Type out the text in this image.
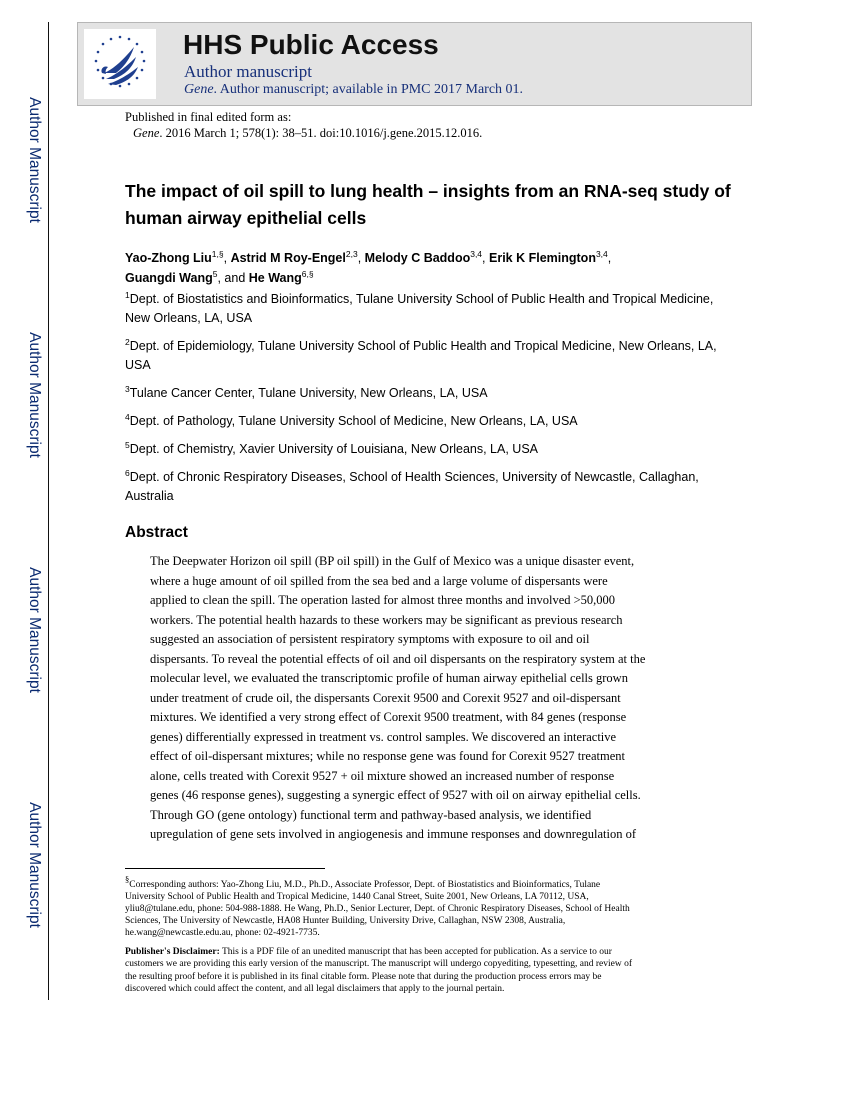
Author Manuscript
Author Manuscript
Author Manuscript
Author Manuscript
HHS Public Access
Author manuscript
Gene. Author manuscript; available in PMC 2017 March 01.
Published in final edited form as:
Gene. 2016 March 1; 578(1): 38–51. doi:10.1016/j.gene.2015.12.016.
The impact of oil spill to lung health – insights from an RNA-seq study of human airway epithelial cells
Yao-Zhong Liu$^{1,\S}$, Astrid M Roy-Engel$^{2,3}$, Melody C Baddoo$^{3,4}$, Erik K Flemington$^{3,4}$,
Guangdi Wang$^5$, and He Wang$^{6,\S}$
$^1$Dept. of Biostatistics and Bioinformatics, Tulane University School of Public Health and Tropical Medicine, New Orleans, LA, USA
$^2$Dept. of Epidemiology, Tulane University School of Public Health and Tropical Medicine, New Orleans, LA, USA
$^3$Tulane Cancer Center, Tulane University, New Orleans, LA, USA
$^4$Dept. of Pathology, Tulane University School of Medicine, New Orleans, LA, USA
$^5$Dept. of Chemistry, Xavier University of Louisiana, New Orleans, LA, USA
$^6$Dept. of Chronic Respiratory Diseases, School of Health Sciences, University of Newcastle, Callaghan, Australia
Abstract
The Deepwater Horizon oil spill (BP oil spill) in the Gulf of Mexico was a unique disaster event,
where a huge amount of oil spilled from the sea bed and a large volume of dispersants were
applied to clean the spill. The operation lasted for almost three months and involved >50,000
workers. The potential health hazards to these workers may be significant as previous research
suggested an association of persistent respiratory symptoms with exposure to oil and oil
dispersants. To reveal the potential effects of oil and oil dispersants on the respiratory system at the
molecular level, we evaluated the transcriptomic profile of human airway epithelial cells grown
under treatment of crude oil, the dispersants Corexit 9500 and Corexit 9527 and oil-dispersant
mixtures. We identified a very strong effect of Corexit 9500 treatment, with 84 genes (response
genes) differentially expressed in treatment vs. control samples. We discovered an interactive
effect of oil-dispersant mixtures; while no response gene was found for Corexit 9527 treatment
alone, cells treated with Corexit 9527 + oil mixture showed an increased number of response
genes (46 response genes), suggesting a synergic effect of 9527 with oil on airway epithelial cells.
Through GO (gene ontology) functional term and pathway-based analysis, we identified
upregulation of gene sets involved in angiogenesis and immune responses and downregulation of
§Corresponding authors: Yao-Zhong Liu, M.D., Ph.D., Associate Professor, Dept. of Biostatistics and Bioinformatics, Tulane
University School of Public Health and Tropical Medicine, 1440 Canal Street, Suite 2001, New Orleans, LA 70112, USA,
yliu8@tulane.edu, phone: 504-988-1888. He Wang, Ph.D., Senior Lecturer, Dept. of Chronic Respiratory Diseases, School of Health
Sciences, The University of Newcastle, HA08 Hunter Building, University Drive, Callaghan, NSW 2308, Australia,
he.wang@newcastle.edu.au, phone: 02-4921-7735.
Publisher's Disclaimer: This is a PDF file of an unedited manuscript that has been accepted for publication. As a service to our
customers we are providing this early version of the manuscript. The manuscript will undergo copyediting, typesetting, and review of
the resulting proof before it is published in its final citable form. Please note that during the production process errors may be
discovered which could affect the content, and all legal disclaimers that apply to the journal pertain.
